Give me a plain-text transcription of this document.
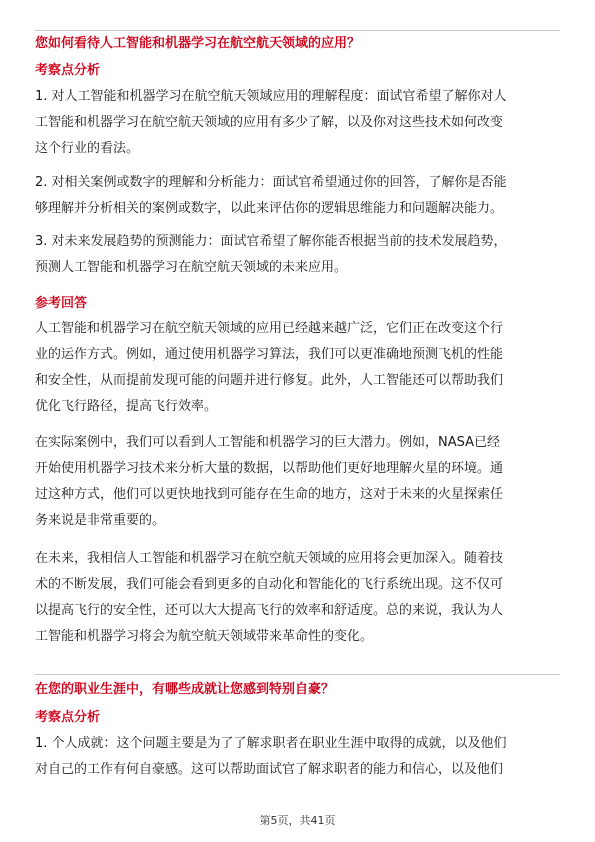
您如何看待人工智能和机器学习在航空航天领域的应用？
考察点分析
1. 对人工智能和机器学习在航空航天领域应用的理解程度：面试官希望了解你对人
工智能和机器学习在航空航天领域的应用有多少了解，以及你对这些技术如何改变
这个行业的看法。
2. 对相关案例或数字的理解和分析能力：面试官希望通过你的回答，了解你是否能
够理解并分析相关的案例或数字，以此来评估你的逻辑思维能力和问题解决能力。
3. 对未来发展趋势的预测能力：面试官希望了解你能否根据当前的技术发展趋势，
预测人工智能和机器学习在航空航天领域的未来应用。
参考回答
人工智能和机器学习在航空航天领域的应用已经越来越广泛，它们正在改变这个行
业的运作方式。例如，通过使用机器学习算法，我们可以更准确地预测飞机的性能
和安全性，从而提前发现可能的问题并进行修复。此外，人工智能还可以帮助我们
优化飞行路径，提高飞行效率。
在实际案例中，我们可以看到人工智能和机器学习的巨大潜力。例如，NASA已经
开始使用机器学习技术来分析大量的数据，以帮助他们更好地理解火星的环境。通
过这种方式，他们可以更快地找到可能存在生命的地方，这对于未来的火星探索任
务来说是非常重要的。
在未来，我相信人工智能和机器学习在航空航天领域的应用将会更加深入。随着技
术的不断发展，我们可能会看到更多的自动化和智能化的飞行系统出现。这不仅可
以提高飞行的安全性，还可以大大提高飞行的效率和舒适度。总的来说，我认为人
工智能和机器学习将会为航空航天领域带来革命性的变化。
在您的职业生涯中，有哪些成就让您感到特别自豪？
考察点分析
1. 个人成就：这个问题主要是为了了解求职者在职业生涯中取得的成就，以及他们
对自己的工作有何自豪感。这可以帮助面试官了解求职者的能力和信心，以及他们
第5页，共41页
